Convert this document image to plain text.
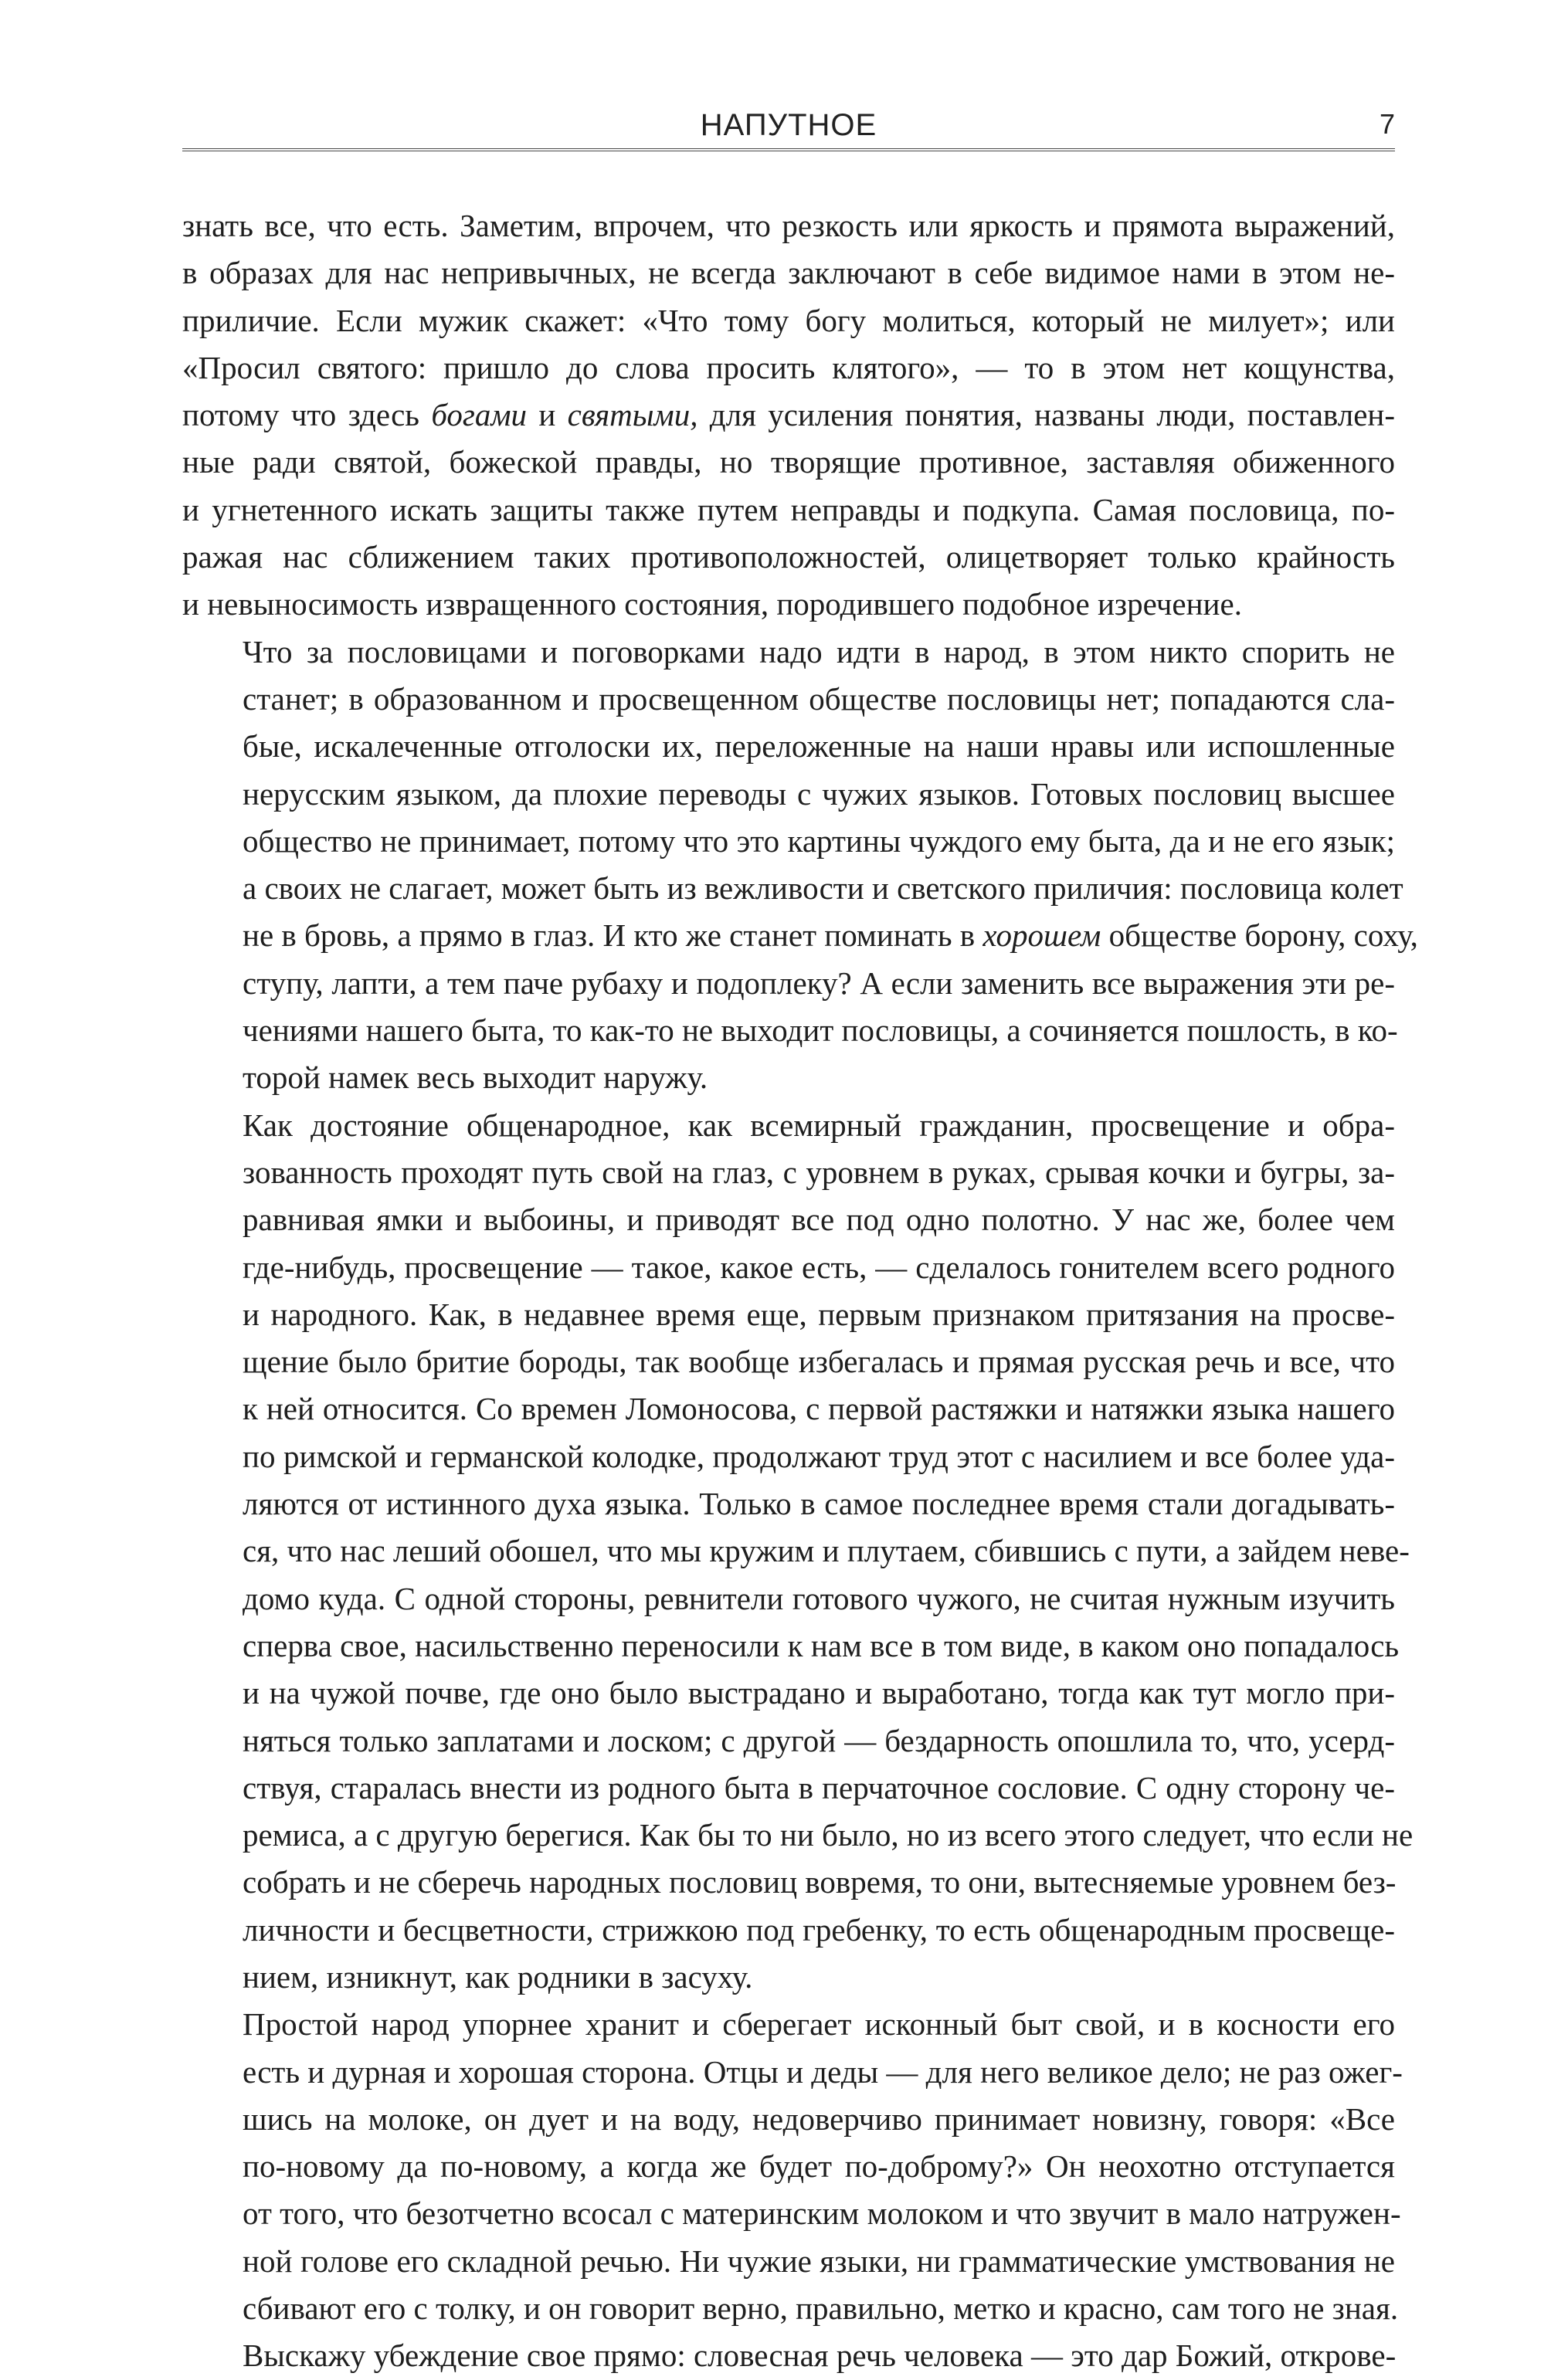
НАПУТНОЕ	7
знать все, что есть. Заметим, впрочем, что резкость или яркость и прямота выражений,
в образах для нас непривычных, не всегда заключают в себе видимое нами в этом не-
приличие. Если мужик скажет: «Что тому богу молиться, который не милует»; или
«Просил святого: пришло до слова просить клятого», — то в этом нет кощунства,
потому что здесь богами и святыми, для усиления понятия, названы люди, поставлен-
ные ради святой, божеской правды, но творящие противное, заставляя обиженного
и угнетенного искать защиты также путем неправды и подкупа. Самая пословица, по-
ражая нас сближением таких противоположностей, олицетворяет только крайность
и невыносимость извращенного состояния, породившего подобное изречение.
Что за пословицами и поговорками надо идти в народ, в этом никто спорить не
станет; в образованном и просвещенном обществе пословицы нет; попадаются сла-
бые, искалеченные отголоски их, переложенные на наши нравы или испошленные
нерусским языком, да плохие переводы с чужих языков. Готовых пословиц высшее
общество не принимает, потому что это картины чуждого ему быта, да и не его язык;
а своих не слагает, может быть из вежливости и светского приличия: пословица колет
не в бровь, а прямо в глаз. И кто же станет поминать в хорошем обществе борону, соху,
ступу, лапти, а тем паче рубаху и подоплеку? А если заменить все выражения эти ре-
чениями нашего быта, то как-то не выходит пословицы, а сочиняется пошлость, в ко-
торой намек весь выходит наружу.
Как достояние общенародное, как всемирный гражданин, просвещение и обра-
зованность проходят путь свой на глаз, с уровнем в руках, срывая кочки и бугры, за-
равнивая ямки и выбоины, и приводят все под одно полотно. У нас же, более чем
где-нибудь, просвещение — такое, какое есть, — сделалось гонителем всего родного
и народного. Как, в недавнее время еще, первым признаком притязания на просве-
щение было бритие бороды, так вообще избегалась и прямая русская речь и все, что
к ней относится. Со времен Ломоносова, с первой растяжки и натяжки языка нашего
по римской и германской колодке, продолжают труд этот с насилием и все более уда-
ляются от истинного духа языка. Только в самое последнее время стали догадывать-
ся, что нас леший обошел, что мы кружим и плутаем, сбившись с пути, а зайдем неве-
домо куда. С одной стороны, ревнители готового чужого, не считая нужным изучить
сперва свое, насильственно переносили к нам все в том виде, в каком оно попадалось
и на чужой почве, где оно было выстрадано и выработано, тогда как тут могло при-
няться только заплатами и лоском; с другой — бездарность опошлила то, что, усерд-
ствуя, старалась внести из родного быта в перчаточное сословие. С одну сторону че-
ремиса, а с другую берегися. Как бы то ни было, но из всего этого следует, что если не
собрать и не сберечь народных пословиц вовремя, то они, вытесняемые уровнем без-
личности и бесцветности, стрижкою под гребенку, то есть общенародным просвеще-
нием, изникнут, как родники в засуху.
Простой народ упорнее хранит и сберегает исконный быт свой, и в косности его
есть и дурная и хорошая сторона. Отцы и деды — для него великое дело; не раз ожег-
шись на молоке, он дует и на воду, недоверчиво принимает новизну, говоря: «Все
по-новому да по-новому, а когда же будет по-доброму?» Он неохотно отступается
от того, что безотчетно всосал с материнским молоком и что звучит в мало натружен-
ной голове его складной речью. Ни чужие языки, ни грамматические умствования не
сбивают его с толку, и он говорит верно, правильно, метко и красно, сам того не зная.
Выскажу убеждение свое прямо: словесная речь человека — это дар Божий, открове-
